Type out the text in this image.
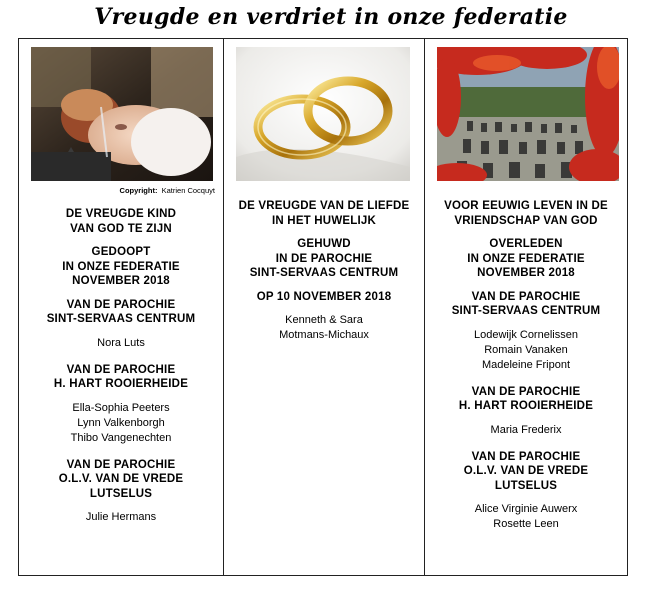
Vreugde en verdriet in onze federatie
Copyright: Katrien Cocquyt
DE VREUGDE KIND
VAN GOD TE ZIJN
GEDOOPT
IN ONZE FEDERATIE
NOVEMBER 2018
VAN DE PAROCHIE
SINT-SERVAAS CENTRUM
Nora Luts
VAN DE PAROCHIE
H. HART ROOIERHEIDE
Ella-Sophia Peeters
Lynn Valkenborgh
Thibo Vangenechten
VAN DE PAROCHIE
O.L.V. VAN DE VREDE
LUTSELUS
Julie Hermans
DE VREUGDE VAN DE LIEFDE
IN HET HUWELIJK
GEHUWD
IN DE PAROCHIE
SINT-SERVAAS CENTRUM
OP 10 NOVEMBER 2018
Kenneth & Sara
Motmans-Michaux
VOOR EEUWIG LEVEN IN DE
VRIENDSCHAP VAN GOD
OVERLEDEN
IN ONZE FEDERATIE
NOVEMBER 2018
VAN DE PAROCHIE
SINT-SERVAAS CENTRUM
Lodewijk Cornelissen
Romain Vanaken
Madeleine Fripont
VAN DE PAROCHIE
H. HART ROOIERHEIDE
Maria Frederix
VAN DE PAROCHIE
O.L.V. VAN DE VREDE
LUTSELUS
Alice Virginie Auwerx
Rosette Leen
